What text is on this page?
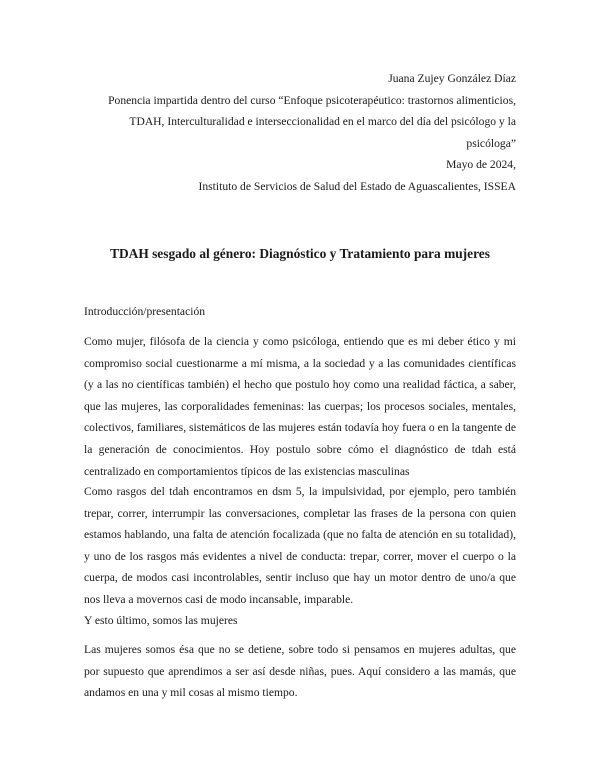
Juana Zujey González Díaz
Ponencia impartida dentro del curso “Enfoque psicoterapéutico: trastornos alimenticios,
TDAH, Interculturalidad e interseccionalidad en el marco del día del psicólogo y la
psicóloga”
Mayo de 2024,
Instituto de Servicios de Salud del Estado de Aguascalientes, ISSEA
TDAH sesgado al género: Diagnóstico y Tratamiento para mujeres
Introducción/presentación
Como mujer, filósofa de la ciencia y como psicóloga, entiendo que es mi deber ético y mi
compromiso social cuestionarme a mí misma, a la sociedad y a las comunidades científicas
(y a las no científicas también) el hecho que postulo hoy como una realidad fáctica, a saber,
que las mujeres, las corporalidades femeninas: las cuerpas; los procesos sociales, mentales,
colectivos, familiares, sistemáticos de las mujeres están todavía hoy fuera o en la tangente de
la generación de conocimientos. Hoy postulo sobre cómo el diagnóstico de tdah está
centralizado en comportamientos típicos de las existencias masculinas
Como rasgos del tdah encontramos en dsm 5, la impulsividad, por ejemplo, pero también
trepar, correr, interrumpir las conversaciones, completar las frases de la persona con quien
estamos hablando, una falta de atención focalizada (que no falta de atención en su totalidad),
y uno de los rasgos más evidentes a nivel de conducta: trepar, correr, mover el cuerpo o la
cuerpa, de modos casi incontrolables, sentir incluso que hay un motor dentro de uno/a que
nos lleva a movernos casi de modo incansable, imparable.
Y esto último, somos las mujeres
Las mujeres somos ésa que no se detiene, sobre todo si pensamos en mujeres adultas, que
por supuesto que aprendimos a ser así desde niñas, pues. Aquí considero a las mamás, que
andamos en una y mil cosas al mismo tiempo.
